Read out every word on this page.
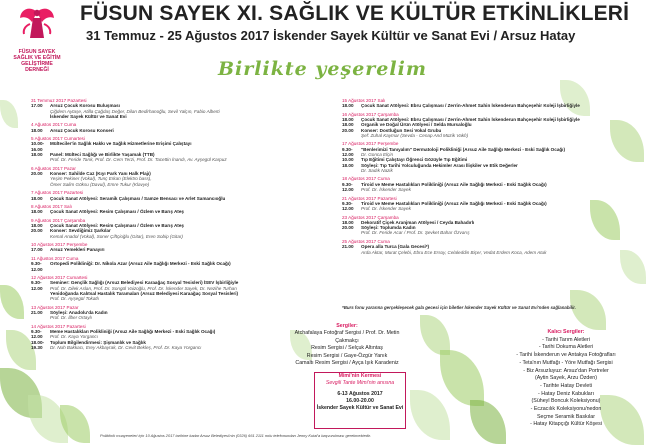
FÜSUN SAYEK
SAĞLIK VE EĞİTİM
GELİŞTİRME
DERNEĞİ
FÜSUN SAYEK XI. SAĞLIK VE KÜLTÜR ETKİNLİKLERİ
31 Temmuz - 25 Ağustos 2017 İskender Sayek Kültür ve Sanat Evi / Arsuz Hatay
Birlikte yeşerelim
31 Temmuz 2017 Pazartesi
17.00	Arsuz Çocuk Korosu Buluşması
Çiğdem Aytaşe, Atilla Çağdaş Değer, Dilan Bedirhanoğlu, Sevil Yalçın, Fabio Alberti
İskender Sayek Kültür ve Sanat Evi
4 Ağustos 2017 Cuma
18.00	Arsuz Çocuk Korosu Konseri
5 Ağustos 2017 Cumartesi
10.00-16.00
Mülteciler'in Sağlık Hakkı ve Sağlık Hizmetlerine Erişimi Çalıştayı
18.00	Panel: Mülteci Sağlığı ve Birlikte Yaşamak (TTB)
Prof. Dr. Feride Tarık, Prof. Dr. Cem Terzi, Prof. Dr. Tacettin İnandı, Av. Ayşegül Karpuz
6 Ağustos 2017 Pazar
20.00	Konser: Sahilde Caz (Kıyı Park Yanı Halk Plajı)
Yeşim Pekiner (Vokal), Tunç Erkan (Elektro bass),
Ömer Salim Göksu (Davul), Emre Tukur (Klavye)
7 Ağustos 2017 Pazartesi
18.00	Çocuk Sanat Atölyesi: Seramik Çalışması / Samze Bensacı ve Arlet Samancıoğlu
8 Ağustos 2017 Salı
18.00	Çocuk Sanat Atölyesi: Resim Çalışması / Özlem ve Barış Ateş
9 Ağustos 2017 Çarşamba
18.00	Çocuk Sanat Atölyesi: Resim Çalışması / Özlem ve Barış Ateş
20.00	Konser: Sevdiğimiz Şarkılar
Kemal Anadol (Vokal), Soner Çiftçioğlu (Gitar), Eren Sobip (Gitar)
10 Ağustos 2017 Perşembe
17.00	Arsuz Yemekleri Panayırı
11 Ağustos 2017 Cuma
9.30-12.00
Ortopedi Polikliniği: Dr. Nikola Azar (Arsuz Aile Sağlığı Merkezi - Eski Sağlık Ocağı)
12 Ağustos 2017 Cumartesi
9.30-12.00
Seminer: Gençlik Sağlığı (Arsuz Belediyesi Karaağaç Sosyal Tesisleri) İSEV İşbirliğiyle
Prof. Dr. Dilek Aslan, Prof. Dr. Songül Vaizoğlu, Prof. Dr. İskender Sayek, Dr. Nezihe Turhan
Yenidoğanda Kalıtsal Hastalık Taramaları (Arsuz Belediyesi Karaağaç Sosyal Tesisleri)
Prof. Dr. Ayşegül Tokatlı
13 Ağustos 2017 Pazar
21.00	Söyleşi: Anadolu'da Kadın
Prof. Dr. İlber Ortaylı
14 Ağustos 2017 Pazartesi
9.30-12.00
Meme Hastalıkları Polikliniği (Arsuz Aile Sağlığı Merkezi - Eski Sağlık Ocağı)
Prof. Dr. Kaya Yorgancı
18.00-19.30
Toplum Bilgilendirmesi: Şişmanlık ve Sağlık
Dr. Nuh Bakkacı, Erey Akbayrak, Dr. Cevit Bekleş, Prof. Dr. Kaya Yorgancı
15 Ağustos 2017 Salı
18.00	Çocuk Sanat Atölyesi: Ebru Çalışması / Zerrin-Ahmet Sahin İskenderun Bahçeşehir Koleji İşbirliğiyle
16 Ağustos 2017 Çarşamba
18.00	Çocuk Sanat Atölyesi: Ebru Çalışması / Zerrin-Ahmet Sahin İskenderun Bahçeşehir Koleji İşbirliğiyle
18.00	Organik ve Doğal Ürün Atölyesi / Selda Mursaloğlu
20.00	Konser: Dostluğun Sesi Vokal Grubu
Şef: Zuhal Kaymar (Sevda - Cenap And Müzik Vakfı)
17 Ağustos 2017 Perşembe
9.30-12.00
"Benlerimizi Tanıyalım" Dermatoloji Polikliniği (Arsuz Aile Sağlığı Merkezi - Eski Sağlık Ocağı)
Dr. Gonca Elçin
10.00	Tıp Eğitimi Çalıştayı Öğrenci Gözüyle Tıp Eğitimi
18.00	Söyleşi: Tıp Tarihi Yolculuğunda Hekimler Arası İlişkiler ve Etik Değerler
Dr. Sadık Nazik
18 Ağustos 2017 Cuma
9.30-12.00
Tiroid ve Meme Hastalıkları Polikliniği (Arsuz Aile Sağlığı Merkezi - Eski Sağlık Ocağı)
Prof. Dr. İskender Sayek
21 Ağustos 2017 Pazartesi
9.30-12.00
Tiroid ve Meme Hastalıkları Polikliniği (Arsuz Aile Sağlığı Merkezi - Eski Sağlık Ocağı)
Prof. Dr. İskender Sayek
23 Ağustos 2017 Çarşamba
18.00	Dekoratif Çiçek Aranjman Atölyesi / Ceyda Bahadırlı
20.00	Söyleşi: Toplumda Kadın
Prof. Dr. Feride Acar / Prof. Dr. Şevket Bahar Özvarış
25 Ağustos 2017 Cuma
21.00	Opera alla Turca (Gala Gecesi*)
Arda Aktar, Murat Çelebi, Ebru Ece Ersoy, Celaleddin Biçer, Vedat Erdem Koca, Adem Atuk
*Burs fonu yararına gerçekleşecek gala gecesi için biletler İskender Sayek Kültür ve Sanat Evi'nden sağlanabilir.
Sergiler:
Atchafalaya Fotoğraf Sergisi / Prof. Dr. Metin Çakmakçı
Resim Sergisi / Selçuk Altıntaş
Resim Sergisi / Gaye-Özgür Yanık
Camaltı Resim Sergisi / Ayça Işık Karadeniz
Mimi'nin Kermesi
Sevgili Tante Mimi'nin anısına
6-13 Ağustos 2017
16.00-20.00
İskender Sayek Kültür ve Sanat Evi
Kalıcı Sergiler:
- Tarihi Tarım Aletleri
- Tarihi Dokuma Aletleri
- Tarihi İskenderun ve Antakya Fotoğrafları
- Teta'nın Mutfağı - Yöre Mutfağı Sergisi
- Biz Arsuzluyuz: Arsuz'dan Portreler
(Aytin Sayek, Arzu Özden)
- Tarihte Hatay Devleti
- Hatay Deniz Kabukları
(Süheyl Boncuk Koleksiyonu)
- Eczacılık Koleksiyonu/nedon
Seçme Seramik Baskılar
- Hatay Kitapçığı Kültür Köşesi
Poliklinik muayeneleri için 10 Ağustos 2017 tarihine kadar Arsuz Belediyesi'nin (0326) 661 2111 nolu telefonundan Jenny Kutal'a başvurulması gerekmektedir.
